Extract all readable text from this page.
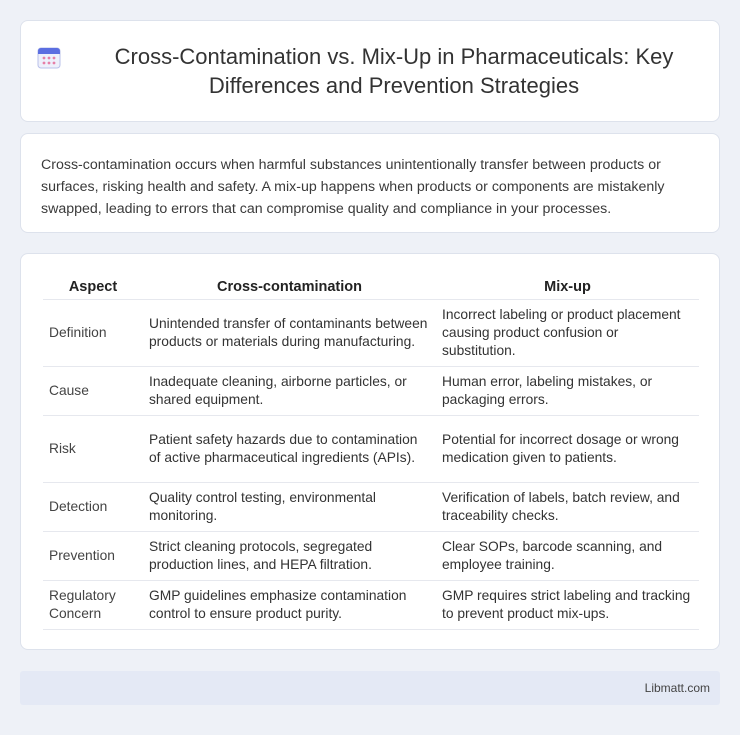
Cross-Contamination vs. Mix-Up in Pharmaceuticals: Key Differences and Prevention Strategies

Cross-contamination occurs when harmful substances unintentionally transfer between products or surfaces, risking health and safety. A mix-up happens when products or components are mistakenly swapped, leading to errors that can compromise quality and compliance in your processes.

Aspect	Cross-contamination	Mix-up
Definition	Unintended transfer of contaminants between products or materials during manufacturing.	Incorrect labeling or product placement causing product confusion or substitution.
Cause	Inadequate cleaning, airborne particles, or shared equipment.	Human error, labeling mistakes, or packaging errors.
Risk	Patient safety hazards due to contamination of active pharmaceutical ingredients (APIs).	Potential for incorrect dosage or wrong medication given to patients.
Detection	Quality control testing, environmental monitoring.	Verification of labels, batch review, and traceability checks.
Prevention	Strict cleaning protocols, segregated production lines, and HEPA filtration.	Clear SOPs, barcode scanning, and employee training.
Regulatory Concern	GMP guidelines emphasize contamination control to ensure product purity.	GMP requires strict labeling and tracking to prevent product mix-ups.
Libmatt.com
